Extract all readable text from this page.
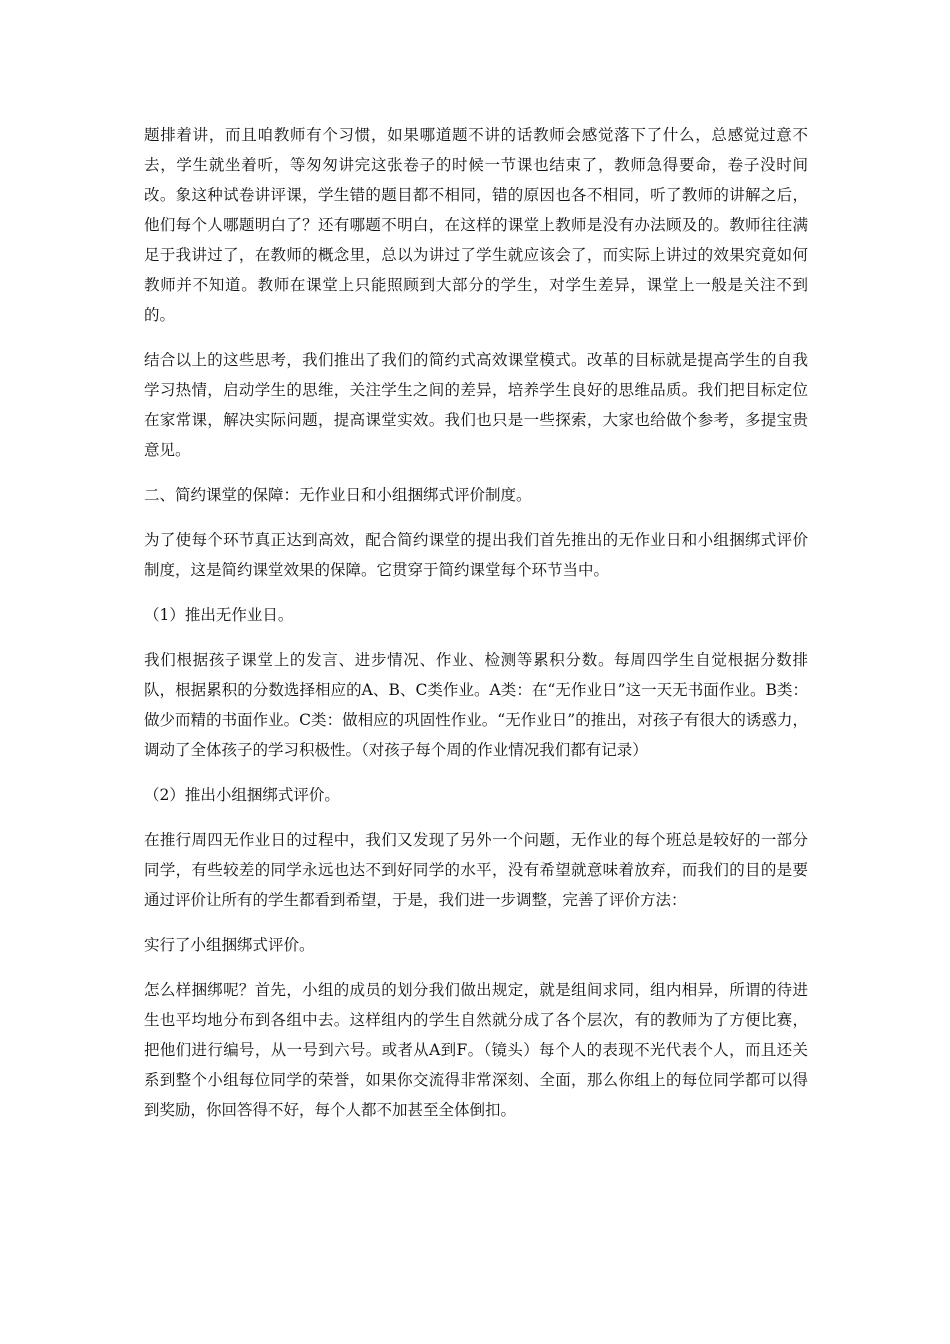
题排着讲，而且咱教师有个习惯，如果哪道题不讲的话教师会感觉落下了什么，总感觉过意不去，学生就坐着听，等匆匆讲完这张卷子的时候一节课也结束了，教师急得要命，卷子没时间改。象这种试卷讲评课，学生错的题目都不相同，错的原因也各不相同，听了教师的讲解之后，他们每个人哪题明白了？还有哪题不明白，在这样的课堂上教师是没有办法顾及的。教师往往满足于我讲过了，在教师的概念里，总以为讲过了学生就应该会了，而实际上讲过的效果究竟如何教师并不知道。教师在课堂上只能照顾到大部分的学生，对学生差异，课堂上一般是关注不到的。

结合以上的这些思考，我们推出了我们的简约式高效课堂模式。改革的目标就是提高学生的自我学习热情，启动学生的思维，关注学生之间的差异，培养学生良好的思维品质。我们把目标定位在家常课，解决实际问题，提高课堂实效。我们也只是一些探索，大家也给做个参考，多提宝贵意见。

二、简约课堂的保障：无作业日和小组捆绑式评价制度。

为了使每个环节真正达到高效，配合简约课堂的提出我们首先推出的无作业日和小组捆绑式评价制度，这是简约课堂效果的保障。它贯穿于简约课堂每个环节当中。

（1）推出无作业日。

我们根据孩子课堂上的发言、进步情况、作业、检测等累积分数。每周四学生自觉根据分数排队，根据累积的分数选择相应的A、B、C类作业。A类：在“无作业日”这一天无书面作业。B类：做少而精的书面作业。C类：做相应的巩固性作业。“无作业日”的推出，对孩子有很大的诱惑力，调动了全体孩子的学习积极性。（对孩子每个周的作业情况我们都有记录）

（2）推出小组捆绑式评价。

在推行周四无作业日的过程中，我们又发现了另外一个问题，无作业的每个班总是较好的一部分同学，有些较差的同学永远也达不到好同学的水平，没有希望就意味着放弃，而我们的目的是要通过评价让所有的学生都看到希望，于是，我们进一步调整，完善了评价方法：

实行了小组捆绑式评价。

怎么样捆绑呢？首先，小组的成员的划分我们做出规定，就是组间求同，组内相异，所谓的待进生也平均地分布到各组中去。这样组内的学生自然就分成了各个层次，有的教师为了方便比赛，把他们进行编号，从一号到六号。或者从A到F。（镜头）每个人的表现不光代表个人，而且还关系到整个小组每位同学的荣誉，如果你交流得非常深刻、全面，那么你组上的每位同学都可以得到奖励，你回答得不好，每个人都不加甚至全体倒扣。
